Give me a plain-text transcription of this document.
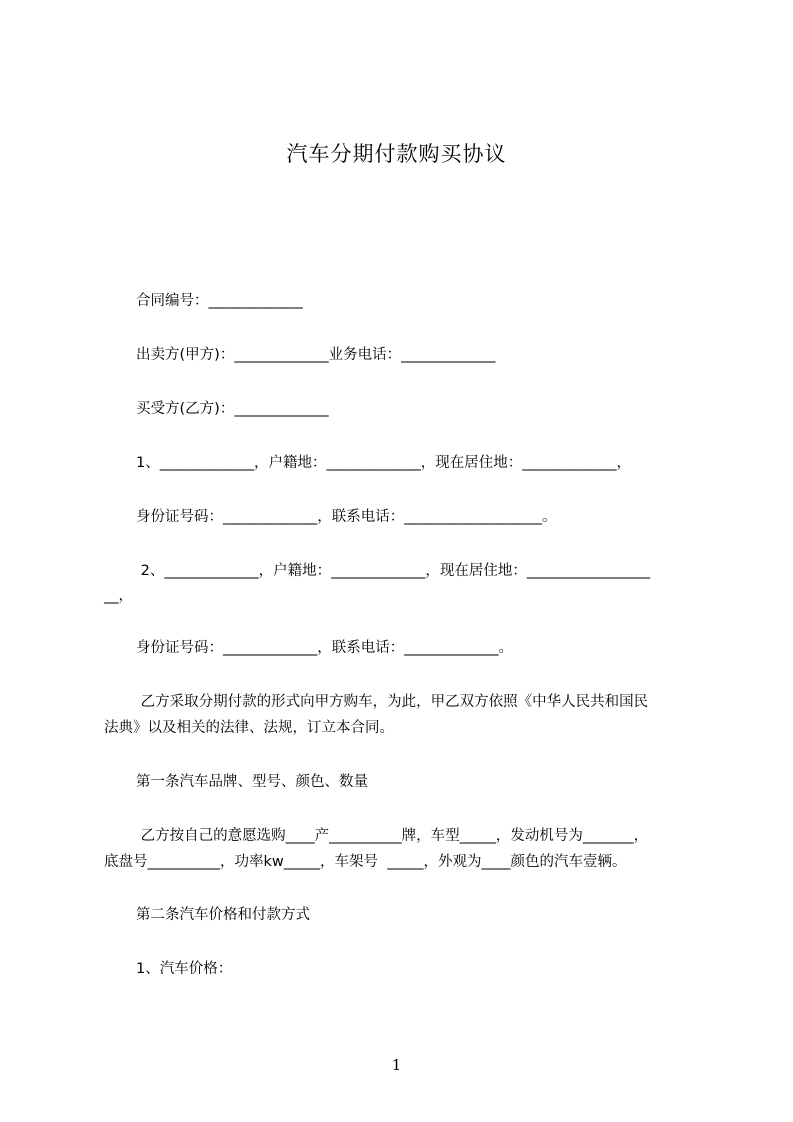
汽车分期付款购买协议
合同编号：_____________
出卖方(甲方)：_____________业务电话：_____________
买受方(乙方)：_____________
1、_____________，户籍地：_____________，现在居住地：_____________，
身份证号码：_____________，联系电话：___________________。
2、_____________，户籍地：_____________，现在居住地：_________________
__，
身份证号码：_____________，联系电话：_____________。
乙方采取分期付款的形式向甲方购车，为此，甲乙双方依照《中华人民共和国民
法典》以及相关的法律、法规，订立本合同。
第一条汽车品牌、型号、颜色、数量
乙方按自己的意愿选购____产__________牌，车型_____，发动机号为_______，
底盘号__________，功率kw_____，车架号  _____，外观为____颜色的汽车壹辆。
第二条汽车价格和付款方式
1、汽车价格：
1
